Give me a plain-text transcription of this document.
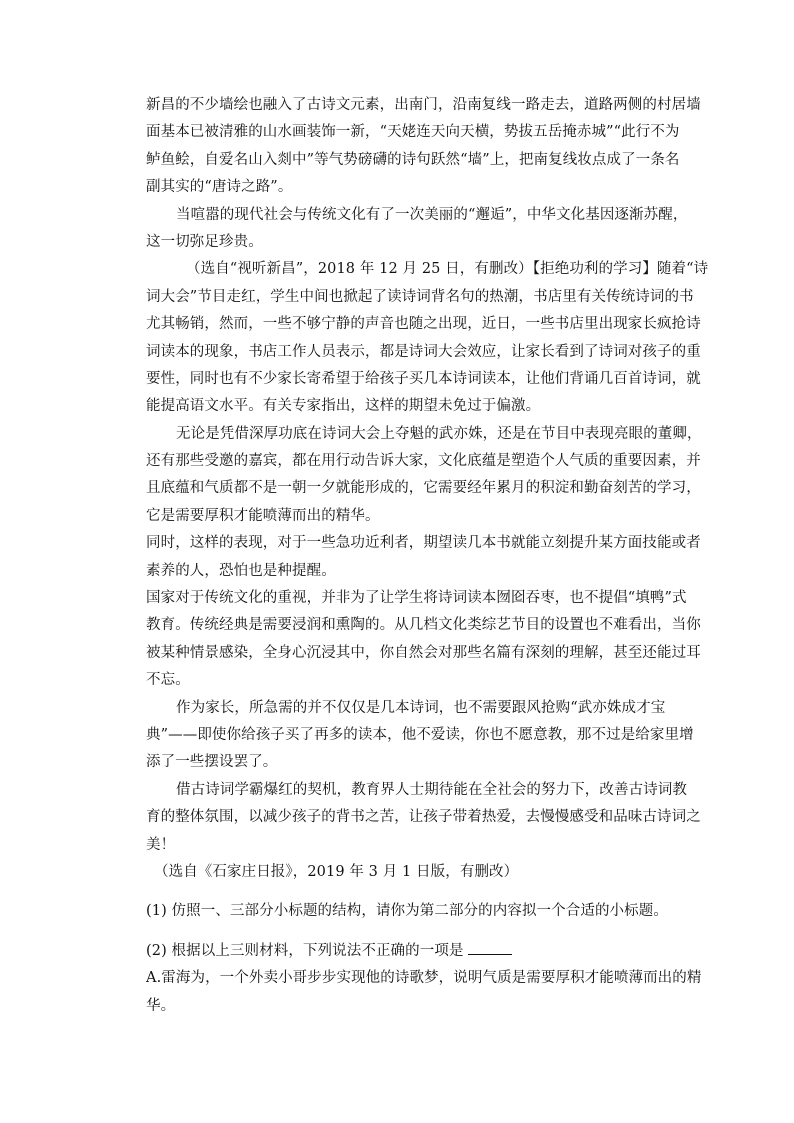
新昌的不少墙绘也融入了古诗文元素，出南门，沿南复线一路走去，道路两侧的村居墙
面基本已被清雅的山水画装饰一新，“天姥连天向天横，势拔五岳掩赤城”“此行不为
鲈鱼鲙，自爱名山入剡中”等气势磅礴的诗句跃然“墙”上，把南复线妆点成了一条名
副其实的“唐诗之路”。
当喧嚣的现代社会与传统文化有了一次美丽的“邂逅”，中华文化基因逐渐苏醒，
这一切弥足珍贵。
（选自“视听新昌”，2018 年 12 月 25 日，有删改）【拒绝功利的学习】随着“诗
词大会”节目走红，学生中间也掀起了读诗词背名句的热潮，书店里有关传统诗词的书
尤其畅销，然而，一些不够宁静的声音也随之出现，近日，一些书店里出现家长疯抢诗
词读本的现象，书店工作人员表示，都是诗词大会效应，让家长看到了诗词对孩子的重
要性，同时也有不少家长寄希望于给孩子买几本诗词读本，让他们背诵几百首诗词，就
能提高语文水平。有关专家指出，这样的期望未免过于偏激。
无论是凭借深厚功底在诗词大会上夺魁的武亦姝，还是在节目中表现亮眼的董卿，
还有那些受邀的嘉宾，都在用行动告诉大家，文化底蕴是塑造个人气质的重要因素，并
且底蕴和气质都不是一朝一夕就能形成的，它需要经年累月的积淀和勤奋刻苦的学习，
它是需要厚积才能喷薄而出的精华。
同时，这样的表现，对于一些急功近利者，期望读几本书就能立刻提升某方面技能或者
素养的人，恐怕也是种提醒。
国家对于传统文化的重视，并非为了让学生将诗词读本囫囵吞枣，也不提倡“填鸭”式
教育。传统经典是需要浸润和熏陶的。从几档文化类综艺节目的设置也不难看出，当你
被某种情景感染，全身心沉浸其中，你自然会对那些名篇有深刻的理解，甚至还能过耳
不忘。
作为家长，所急需的并不仅仅是几本诗词，也不需要跟风抢购“武亦姝成才宝
典”——即使你给孩子买了再多的读本，他不爱读，你也不愿意教，那不过是给家里增
添了一些摆设罢了。
借古诗词学霸爆红的契机，教育界人士期待能在全社会的努力下，改善古诗词教
育的整体氛围，以减少孩子的背书之苦，让孩子带着热爱，去慢慢感受和品味古诗词之
美！
（选自《石家庄日报》，2019 年 3 月 1 日版，有删改）
(1) 仿照一、三部分小标题的结构，请你为第二部分的内容拟一个合适的小标题。
(2) 根据以上三则材料，下列说法不正确的一项是
A.雷海为，一个外卖小哥步步实现他的诗歌梦，说明气质是需要厚积才能喷薄而出的精
华。
